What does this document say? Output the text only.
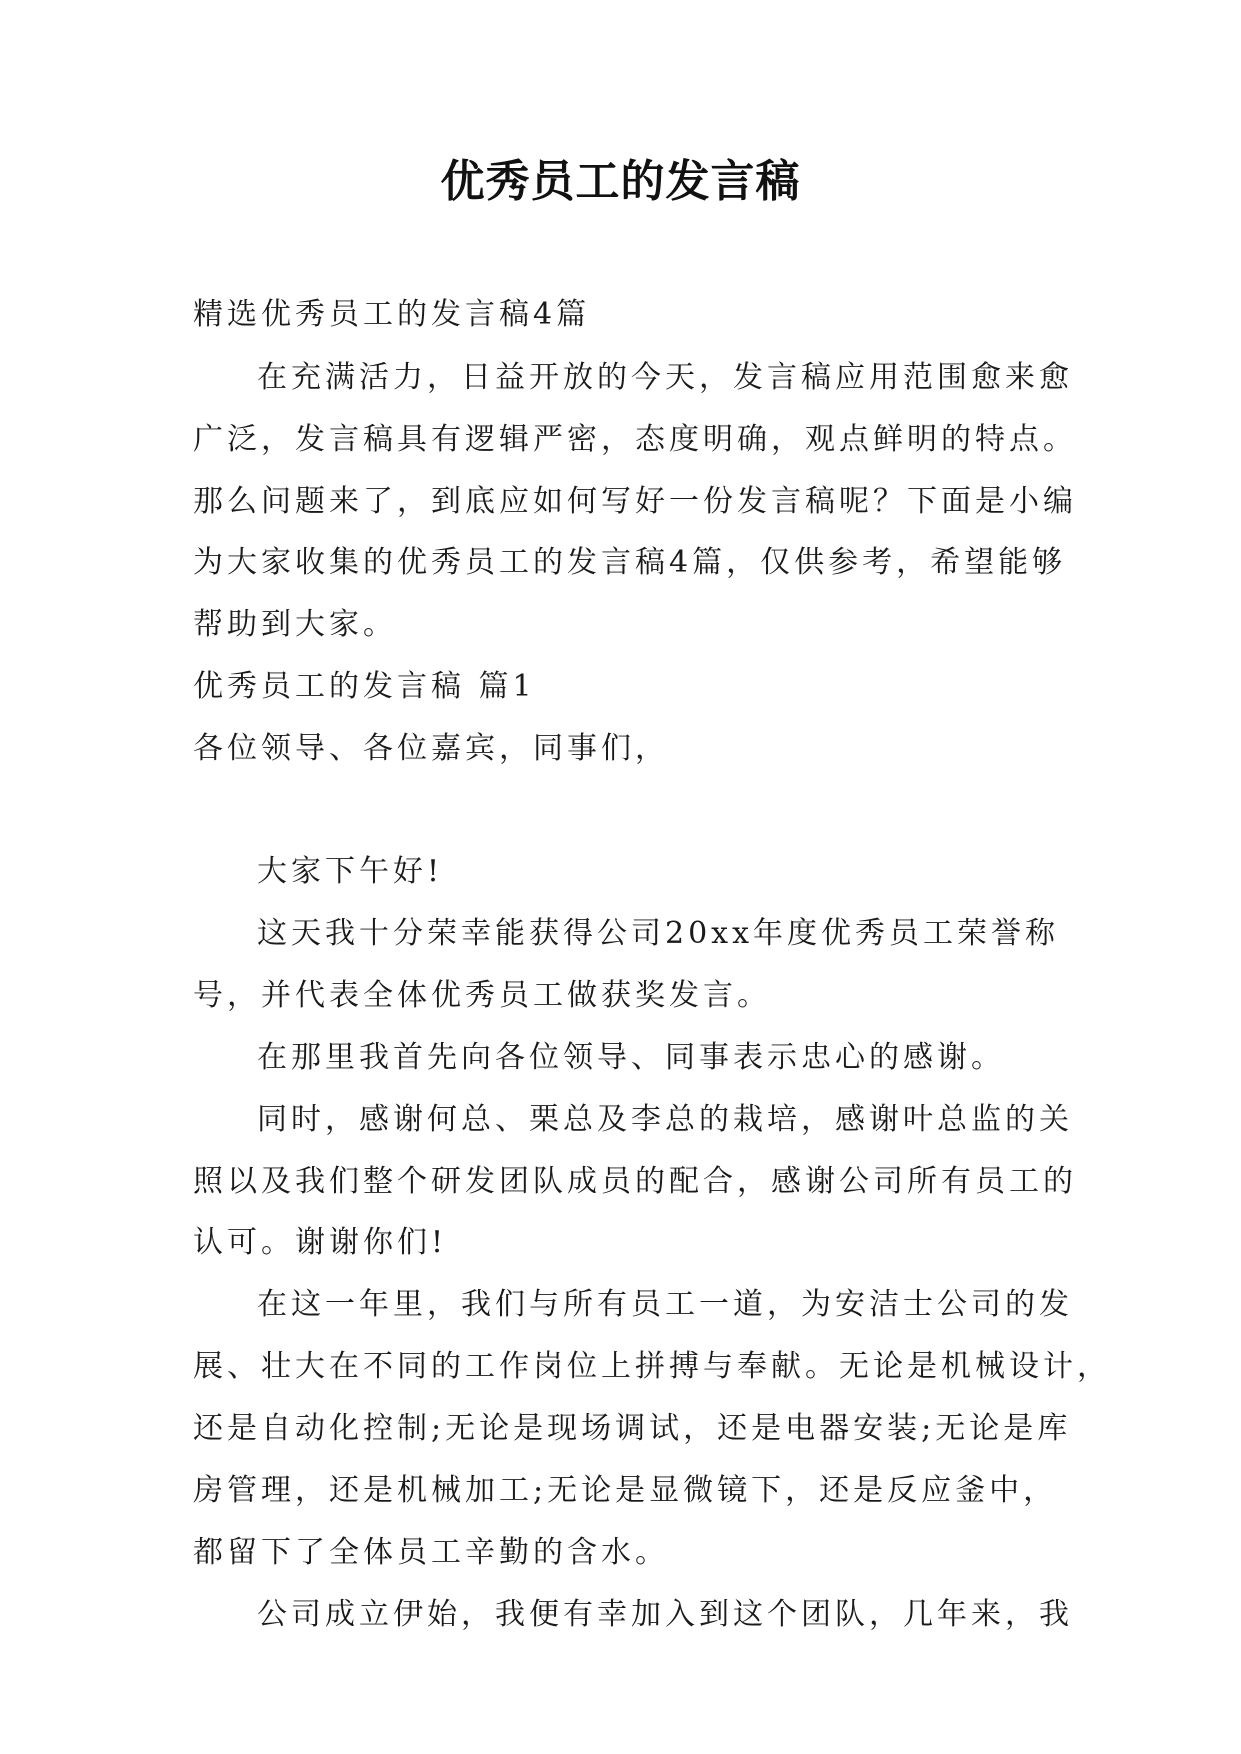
优秀员工的发言稿
精选优秀员工的发言稿4篇
在充满活力，日益开放的今天，发言稿应用范围愈来愈
广泛，发言稿具有逻辑严密，态度明确，观点鲜明的特点。
那么问题来了，到底应如何写好一份发言稿呢？下面是小编
为大家收集的优秀员工的发言稿4篇，仅供参考，希望能够
帮助到大家。
优秀员工的发言稿 篇1
各位领导、各位嘉宾，同事们，
大家下午好!
这天我十分荣幸能获得公司20xx年度优秀员工荣誉称
号，并代表全体优秀员工做获奖发言。
在那里我首先向各位领导、同事表示忠心的感谢。
同时，感谢何总、栗总及李总的栽培，感谢叶总监的关
照以及我们整个研发团队成员的配合，感谢公司所有员工的
认可。谢谢你们!
在这一年里，我们与所有员工一道，为安洁士公司的发
展、壮大在不同的工作岗位上拼搏与奉献。无论是机械设计，
还是自动化控制;无论是现场调试，还是电器安装;无论是库
房管理，还是机械加工;无论是显微镜下，还是反应釜中，
都留下了全体员工辛勤的含水。
公司成立伊始，我便有幸加入到这个团队，几年来，我
